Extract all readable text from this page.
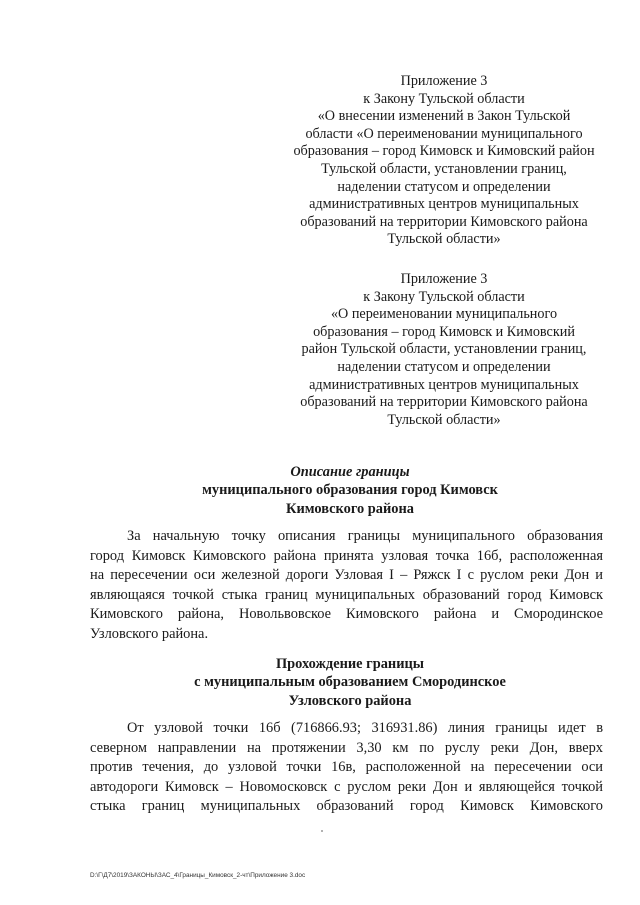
Приложение 3
к Закону Тульской области
«О внесении изменений в Закон Тульской
области «О переименовании муниципального
образования – город Кимовск и Кимовский район
Тульской области, установлении границ,
наделении статусом и определении
административных центров муниципальных
образований на территории Кимовского района
Тульской области»
Приложение 3
к Закону Тульской области
«О переименовании муниципального
образования – город Кимовск и Кимовский
район Тульской области, установлении границ,
наделении статусом и определении
административных центров муниципальных
образований на территории Кимовского района
Тульской области»
Описание границы
муниципального образования город Кимовск
Кимовского района
За начальную точку описания границы муниципального образования
город Кимовск Кимовского района принята узловая точка 16б, расположенная
на пересечении оси железной дороги Узловая I – Ряжск I с руслом реки Дон и
являющаяся точкой стыка границ муниципальных образований город Кимовск
Кимовского района, Новольвовское Кимовского района и Смородинское
Узловского района.
Прохождение границы
с муниципальным образованием Смородинское
Узловского района
От узловой точки 16б (716866.93; 316931.86) линия границы идет в
северном направлении на протяжении 3,30 км по руслу реки Дон, вверх
против течения, до узловой точки 16в, расположенной на пересечении оси
автодороги Кимовск – Новомосковск с руслом реки Дон и являющейся точкой
стыка границ муниципальных образований город Кимовск Кимовского
D:\Г\Д7\2019\ЗАКОНЫ\ЗАС_4\Границы_Кимовск_2-чт\Приложение 3.doc
